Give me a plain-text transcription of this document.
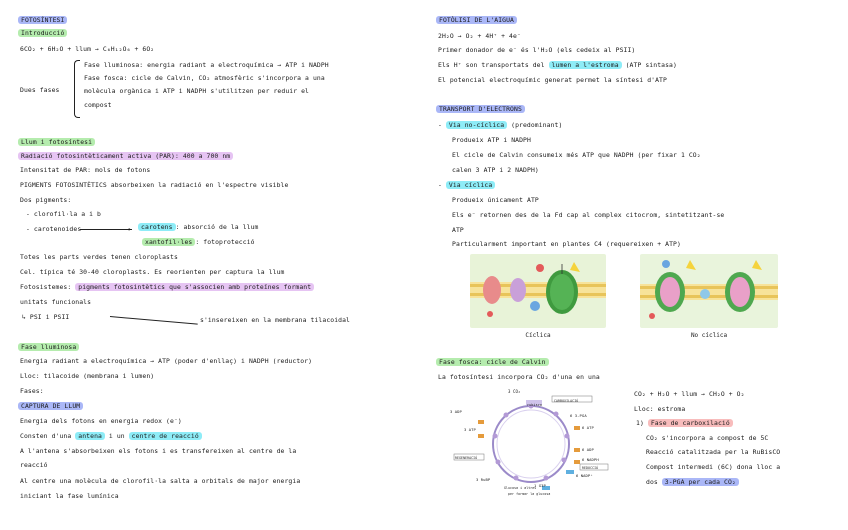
FOTOSÍNTESI
Introducció
6CO₂ + 6H₂O + llum → C₆H₁₂O₆ + 6O₂
Dues fases
Fase lluminosa: energia radiant a electroquímica → ATP i NADPH
Fase fosca: cicle de Calvin, CO₂ atmosfèric s'incorpora a una
molècula orgànica i ATP i NADPH s'utilitzen per reduir el
compost
Llum i fotosíntesi
Radiació fotosintèticament activa (PAR): 400 a 700 nm
Intensitat de PAR: mols de fotons
PIGMENTS FOTOSINTÈTICS absorbeixen la radiació en l'espectre visible
Dos pigments:
- clorofil·la a i b
- carotenoides	▸	carotens : absorció de la llum
xantofil·les : fotoprotecció
Totes les parts verdes tenen cloroplasts
Cel. típica té 30-40 cloroplasts. Es reorienten per captura la llum
Fotosistemes: pigments fotosintètics que s'associen amb proteïnes formant
unitats funcionals
↳ PSI i PSII	s'insereixen en la membrana tilacoidal
Fase lluminosa
Energia radiant a electroquímica → ATP (poder d'enllaç) i NADPH (reductor)
Lloc: tilacoide (membrana i lumen)
Fases:
CAPTURA DE LLUM
Energia dels fotons en energia redox (e⁻)
Consten d'una antena i un centre de reacció
A l'antena s'absorbeixen els fotons i es transfereixen al centre de la
reacció
Al centre una molècula de clorofil·la salta a orbitals de major energia
iniciant la fase lumínica
FOTÒLISI DE L'AIGUA
2H₂O → O₂ + 4H⁺ + 4e⁻
Primer donador de e⁻ és l'H₂O (els cedeix al PSII)
Els H⁺ son transportats del lumen a l'estroma (ATP sintasa)
El potencial electroquímic generat permet la síntesi d'ATP
TRANSPORT D'ELECTRONS
- Via no-cíclica (predominant)
Produeix ATP i NADPH
El cicle de Calvin consumeix més ATP que NADPH (per fixar 1 CO₂
calen 3 ATP i 2 NADPH)
- Via cíclica
Produeix únicament ATP
Els e⁻ retornen des de la Fd cap al complex citocrom, sintetitzant-se
ATP
Particularment important en plantes C4 (requereixen + ATP)
Cíclica	No cíclica
Fase fosca: cicle de Calvin
La fotosíntesi incorpora CO₂ d'una en una
3 CO₂
rubisco
CARBOXILACIÓ
3 ADP
3 ATP	6 ATP
6 ADP
6 NADPH
6 NADP⁺
6 3-PGA
3 RuBP
1 G3P
REGENERACIÓ
REDUCCIÓ
Glucosa i altres
per formar la glucosa
CO₂ + H₂O + llum → CH₂O + O₂
Lloc: estroma
1) Fase de carboxilació
CO₂ s'incorpora a compost de 5C
Reacció catalitzada per la RuBisCO
Compost intermedi (6C) dona lloc a
dos 3-PGA per cada CO₂
